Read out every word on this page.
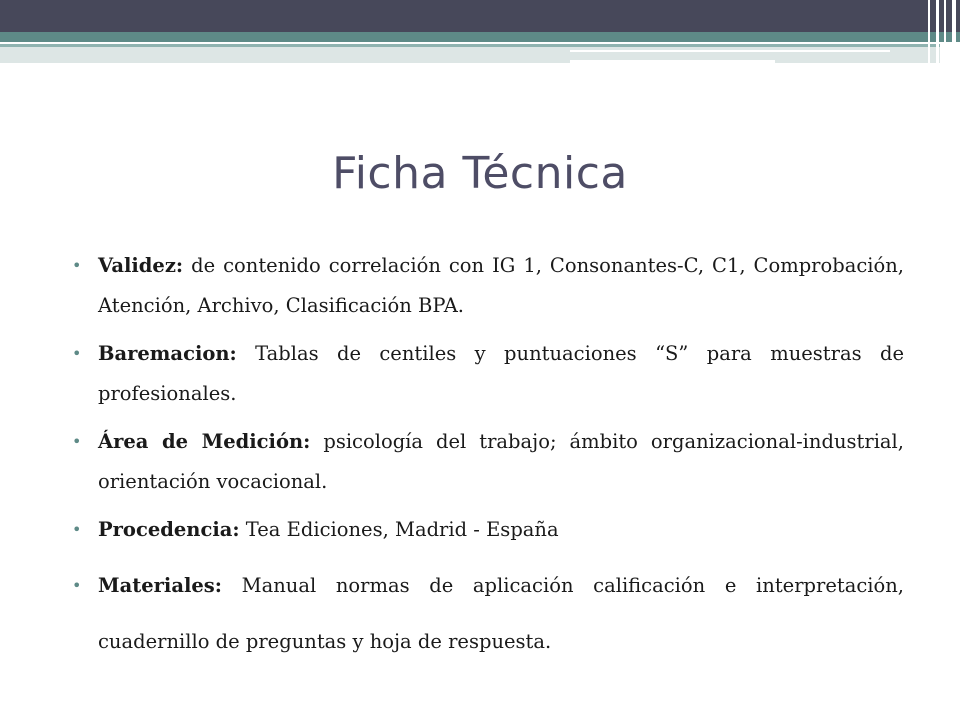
Ficha Técnica
• Validez: de contenido correlación con IG 1, Consonantes-C, C1, Comprobación, Atención, Archivo, Clasificación BPA.
• Baremacion: Tablas de centiles y puntuaciones “S” para muestras de profesionales.
• Área de Medición: psicología del trabajo; ámbito organizacional-industrial, orientación vocacional.
• Procedencia: Tea Ediciones, Madrid - España
• Materiales: Manual normas de aplicación calificación e interpretación, cuadernillo de preguntas y hoja de respuesta.
